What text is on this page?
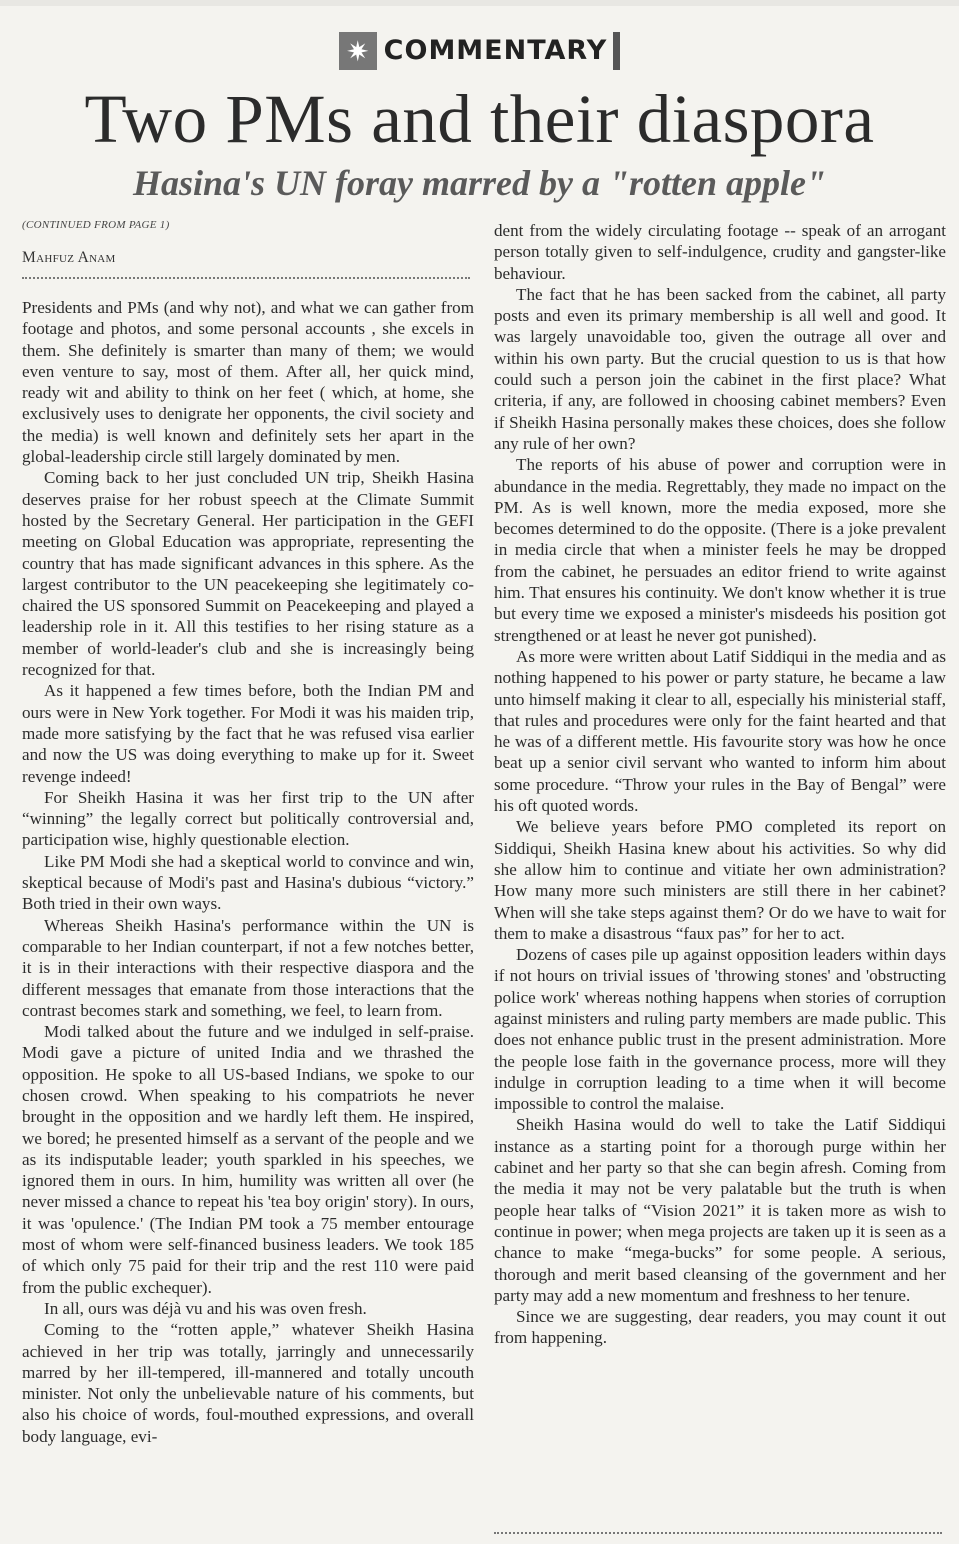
✷ COMMENTARY
Two PMs and their diaspora
Hasina's UN foray marred by a "rotten apple"
(CONTINUED FROM PAGE 1)
Mahfuz Anam

Presidents and PMs (and why not), and what we can gather from footage and photos, and some personal accounts , she excels in them. She definitely is smarter than many of them; we would even venture to say, most of them. After all, her quick mind, ready wit and ability to think on her feet ( which, at home, she exclusively uses to denigrate her opponents, the civil society and the media) is well known and definitely sets her apart in the global-leadership circle still largely dominated by men.

Coming back to her just concluded UN trip, Sheikh Hasina deserves praise for her robust speech at the Climate Summit hosted by the Secretary General. Her participation in the GEFI meeting on Global Education was appropriate, representing the country that has made significant advances in this sphere. As the largest contributor to the UN peacekeeping she legitimately co-chaired the US sponsored Summit on Peacekeeping and played a leadership role in it. All this testifies to her rising stature as a member of world-leader's club and she is increasingly being recognized for that.

As it happened a few times before, both the Indian PM and ours were in New York together. For Modi it was his maiden trip, made more satisfying by the fact that he was refused visa earlier and now the US was doing everything to make up for it. Sweet revenge indeed!

For Sheikh Hasina it was her first trip to the UN after “winning” the legally correct but politically controversial and, participation wise, highly questionable election.

Like PM Modi she had a skeptical world to convince and win, skeptical because of Modi's past and Hasina's dubious “victory.” Both tried in their own ways.

Whereas Sheikh Hasina's performance within the UN is comparable to her Indian counterpart, if not a few notches better, it is in their interactions with their respective diaspora and the different messages that emanate from those interactions that the contrast becomes stark and something, we feel, to learn from.

Modi talked about the future and we indulged in self-praise. Modi gave a picture of united India and we thrashed the opposition. He spoke to all US-based Indians, we spoke to our chosen crowd. When speaking to his compatriots he never brought in the opposition and we hardly left them. He inspired, we bored; he presented himself as a servant of the people and we as its indisputable leader; youth sparkled in his speeches, we ignored them in ours. In him, humility was written all over (he never missed a chance to repeat his 'tea boy origin' story). In ours, it was 'opulence.' (The Indian PM took a 75 member entourage most of whom were self-financed business leaders. We took 185 of which only 75 paid for their trip and the rest 110 were paid from the public exchequer).

In all, ours was déjà vu and his was oven fresh.

Coming to the “rotten apple,” whatever Sheikh Hasina achieved in her trip was totally, jarringly and unnecessarily marred by her ill-tempered, ill-mannered and totally uncouth minister. Not only the unbelievable nature of his comments, but also his choice of words, foul-mouthed expressions, and overall body language, evi-

dent from the widely circulating footage -- speak of an arrogant person totally given to self-indulgence, crudity and gangster-like behaviour.

The fact that he has been sacked from the cabinet, all party posts and even its primary membership is all well and good. It was largely unavoidable too, given the outrage all over and within his own party. But the crucial question to us is that how could such a person join the cabinet in the first place? What criteria, if any, are followed in choosing cabinet members? Even if Sheikh Hasina personally makes these choices, does she follow any rule of her own?

The reports of his abuse of power and corruption were in abundance in the media. Regrettably, they made no impact on the PM. As is well known, more the media exposed, more she becomes determined to do the opposite. (There is a joke prevalent in media circle that when a minister feels he may be dropped from the cabinet, he persuades an editor friend to write against him. That ensures his continuity. We don't know whether it is true but every time we exposed a minister's misdeeds his position got strengthened or at least he never got punished).

As more were written about Latif Siddiqui in the media and as nothing happened to his power or party stature, he became a law unto himself making it clear to all, especially his ministerial staff, that rules and procedures were only for the faint hearted and that he was of a different mettle. His favourite story was how he once beat up a senior civil servant who wanted to inform him about some procedure. “Throw your rules in the Bay of Bengal” were his oft quoted words.

We believe years before PMO completed its report on Siddiqui, Sheikh Hasina knew about his activities. So why did she allow him to continue and vitiate her own administration? How many more such ministers are still there in her cabinet? When will she take steps against them? Or do we have to wait for them to make a disastrous “faux pas” for her to act.

Dozens of cases pile up against opposition leaders within days if not hours on trivial issues of 'throwing stones' and 'obstructing police work' whereas nothing happens when stories of corruption against ministers and ruling party members are made public. This does not enhance public trust in the present administration. More the people lose faith in the governance process, more will they indulge in corruption leading to a time when it will become impossible to control the malaise.

Sheikh Hasina would do well to take the Latif Siddiqui instance as a starting point for a thorough purge within her cabinet and her party so that she can begin afresh. Coming from the media it may not be very palatable but the truth is when people hear talks of “Vision 2021” it is taken more as wish to continue in power; when mega projects are taken up it is seen as a chance to make “mega-bucks” for some people. A serious, thorough and merit based cleansing of the government and her party may add a new momentum and freshness to her tenure.

Since we are suggesting, dear readers, you may count it out from happening.
